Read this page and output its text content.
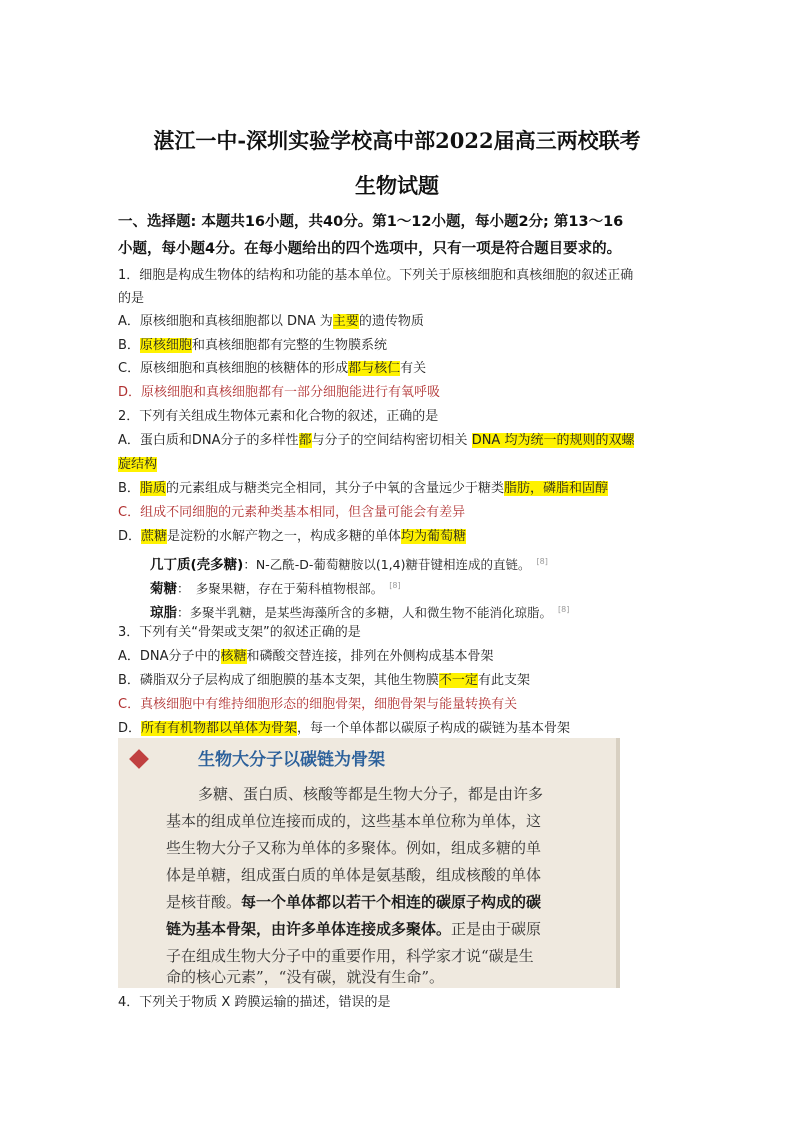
湛江一中-深圳实验学校高中部2022届高三两校联考
生物试题
一、选择题: 本题共16小题，共40分。第1～12小题，每小题2分; 第13～16
小题，每小题4分。在每小题给出的四个选项中，只有一项是符合题目要求的。
1．细胞是构成生物体的结构和功能的基本单位。下列关于原核细胞和真核细胞的叙述正确
的是
A．原核细胞和真核细胞都以 DNA 为主要的遗传物质
B．原核细胞和真核细胞都有完整的生物膜系统
C．原核细胞和真核细胞的核糖体的形成都与核仁有关
D．原核细胞和真核细胞都有一部分细胞能进行有氧呼吸
2．下列有关组成生物体元素和化合物的叙述，正确的是
A．蛋白质和DNA分子的多样性都与分子的空间结构密切相关 DNA 均为统一的规则的双螺
旋结构
B．脂质的元素组成与糖类完全相同，其分子中氧的含量远少于糖类脂肪，磷脂和固醇
C．组成不同细胞的元素种类基本相同，但含量可能会有差异
D．蔗糖是淀粉的水解产物之一，构成多糖的单体均为葡萄糖
几丁质(壳多糖)：N-乙酰-D-葡萄糖胺以(1,4)糖苷键相连成的直链。 [8]
菊糖：　多聚果糖，存在于菊科植物根部。 [8]
琼脂：多聚半乳糖，是某些海藻所含的多糖，人和微生物不能消化琼脂。 [8]
3．下列有关“骨架或支架”的叙述正确的是
A．DNA分子中的核糖和磷酸交替连接，排列在外侧构成基本骨架
B．磷脂双分子层构成了细胞膜的基本支架，其他生物膜不一定有此支架
C．真核细胞中有维持细胞形态的细胞骨架，细胞骨架与能量转换有关
D．所有有机物都以单体为骨架，每一个单体都以碳原子构成的碳链为基本骨架
生物大分子以碳链为骨架
多糖、蛋白质、核酸等都是生物大分子，都是由许多
基本的组成单位连接而成的，这些基本单位称为单体，这
些生物大分子又称为单体的多聚体。例如，组成多糖的单
体是单糖，组成蛋白质的单体是氨基酸，组成核酸的单体
是核苷酸。每一个单体都以若干个相连的碳原子构成的碳
链为基本骨架，由许多单体连接成多聚体。正是由于碳原
子在组成生物大分子中的重要作用，科学家才说“碳是生
命的核心元素”，“没有碳，就没有生命”。
4．下列关于物质 X 跨膜运输的描述，错误的是
